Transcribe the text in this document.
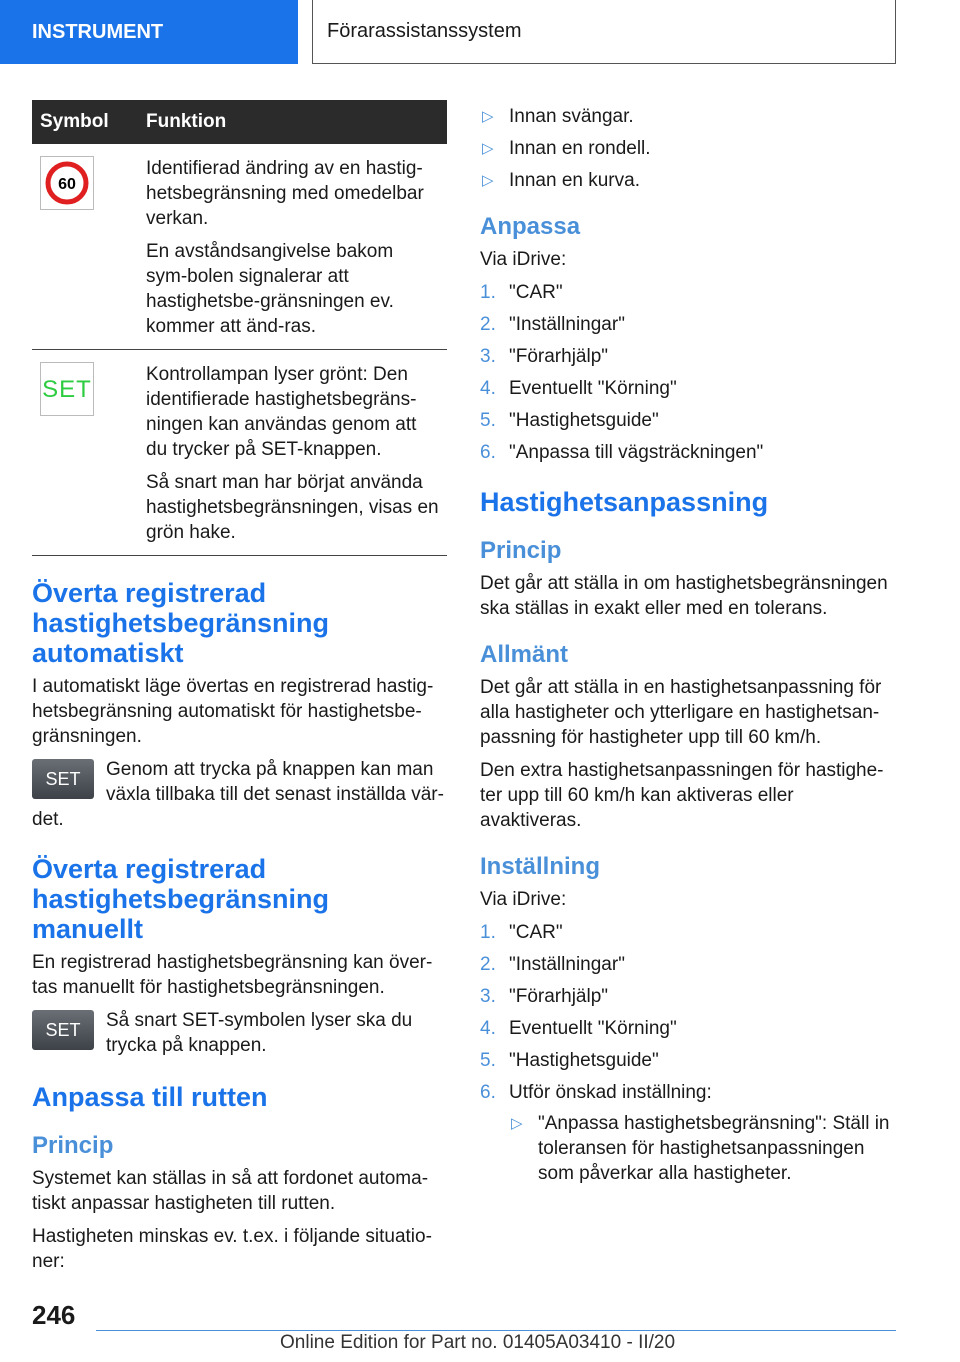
INSTRUMENT	Förarassistanssystem
Symbol	Funktion

60	Identifierad ändring av en hastig‐hetsbegränsning med omedelbar verkan.

En avståndsangivelse bakom sym‐bolen signalerar att hastighetsbe‐gränsningen ev. kommer att änd‐ras.

SET	Kontrollampan lyser grönt: Den identifierade hastighetsbegräns‐ningen kan användas genom att du trycker på SET-knappen.

Så snart man har börjat använda hastighetsbegränsningen, visas en grön hake.

Överta registrerad hastighetsbegränsning automatiskt

I automatiskt läge övertas en registrerad hastig‐hetsbegränsning automatiskt för hastighetsbe‐gränsningen.

SET Genom att trycka på knappen kan man växla tillbaka till det senast inställda vär‐det.
Överta registrerad hastighetsbegränsning manuellt

En registrerad hastighetsbegränsning kan över‐tas manuellt för hastighetsbegränsningen.

SET Så snart SET-symbolen lyser ska du trycka på knappen.
Anpassa till rutten
Princip

Systemet kan ställas in så att fordonet automa‐tiskt anpassar hastigheten till rutten.

Hastigheten minskas ev. t.ex. i följande situatio‐ner:

▷ Innan svängar.
▷ Innan en rondell.
▷ Innan en kurva.
Anpassa

Via iDrive:

1. "CAR"
2. "Inställningar"
3. "Förarhjälp"
4. Eventuellt "Körning"
5. "Hastighetsguide"
6. "Anpassa till vägsträckningen"
Hastighetsanpassning
Princip

Det går att ställa in om hastighetsbegränsningen ska ställas in exakt eller med en tolerans.

Allmänt

Det går att ställa in en hastighetsanpassning för alla hastigheter och ytterligare en hastighetsan‐passning för hastigheter upp till 60 km/h.

Den extra hastighetsanpassningen för hastighe‐ter upp till 60 km/h kan aktiveras eller avaktiveras.

Inställning

Via iDrive:

1. "CAR"
2. "Inställningar"
3. "Förarhjälp"
4. Eventuellt "Körning"
5. "Hastighetsguide"
6. Utför önskad inställning:
▷ "Anpassa hastighetsbegränsning": Ställ in toleransen för hastighetsanpassningen som påverkar alla hastigheter.
246
Online Edition for Part no. 01405A03410 - II/20
